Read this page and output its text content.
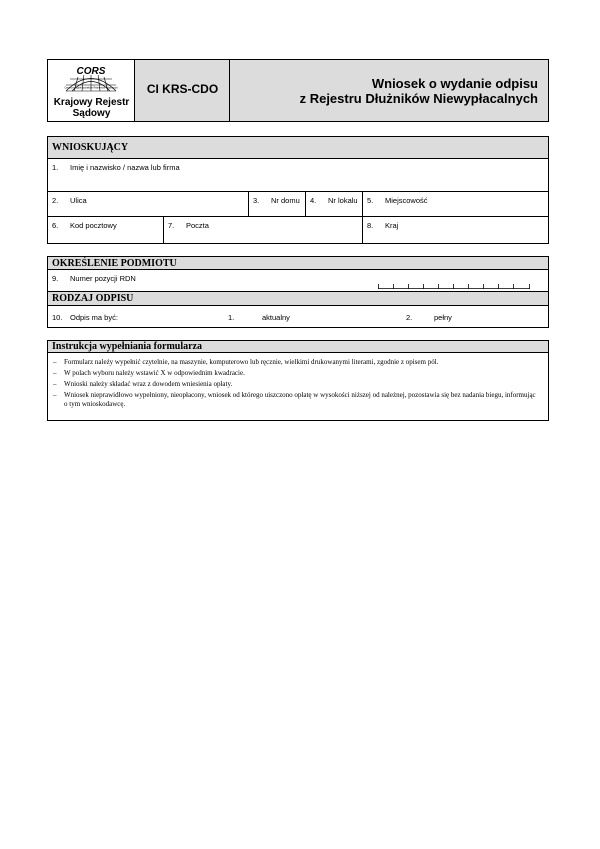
CORS
Centrum Ogólnopolskich Rejestrów Sądowych
Krajowy Rejestr Sądowy
CI KRS-CDO	Wniosek o wydanie odpisu
z Rejestru Dłużników Niewypłacalnych
WNIOSKUJĄCY
1. Imię i nazwisko / nazwa lub firma
2. Ulica	3. Nr domu	4. Nr lokalu	5. Miejscowość
6. Kod pocztowy	7. Poczta	8. Kraj
OKREŚLENIE PODMIOTU
9. Numer pozycji RDN
RODZAJ ODPISU
10. Odpis ma być:	1.	aktualny	2.	pełny
Instrukcja wypełniania formularza
– Formularz należy wypełnić czytelnie, na maszynie, komputerowo lub ręcznie, wielkimi drukowanymi literami, zgodnie z opisem pól.
– W polach wyboru należy wstawić X w odpowiednim kwadracie.
– Wnioski należy składać wraz z dowodem wniesienia opłaty.
– Wniosek nieprawidłowo wypełniony, nieopłacony, wniosek od którego uiszczono opłatę w wysokości niższej od należnej, pozostawia się bez nadania biegu, informując o tym wnioskodawcę.
